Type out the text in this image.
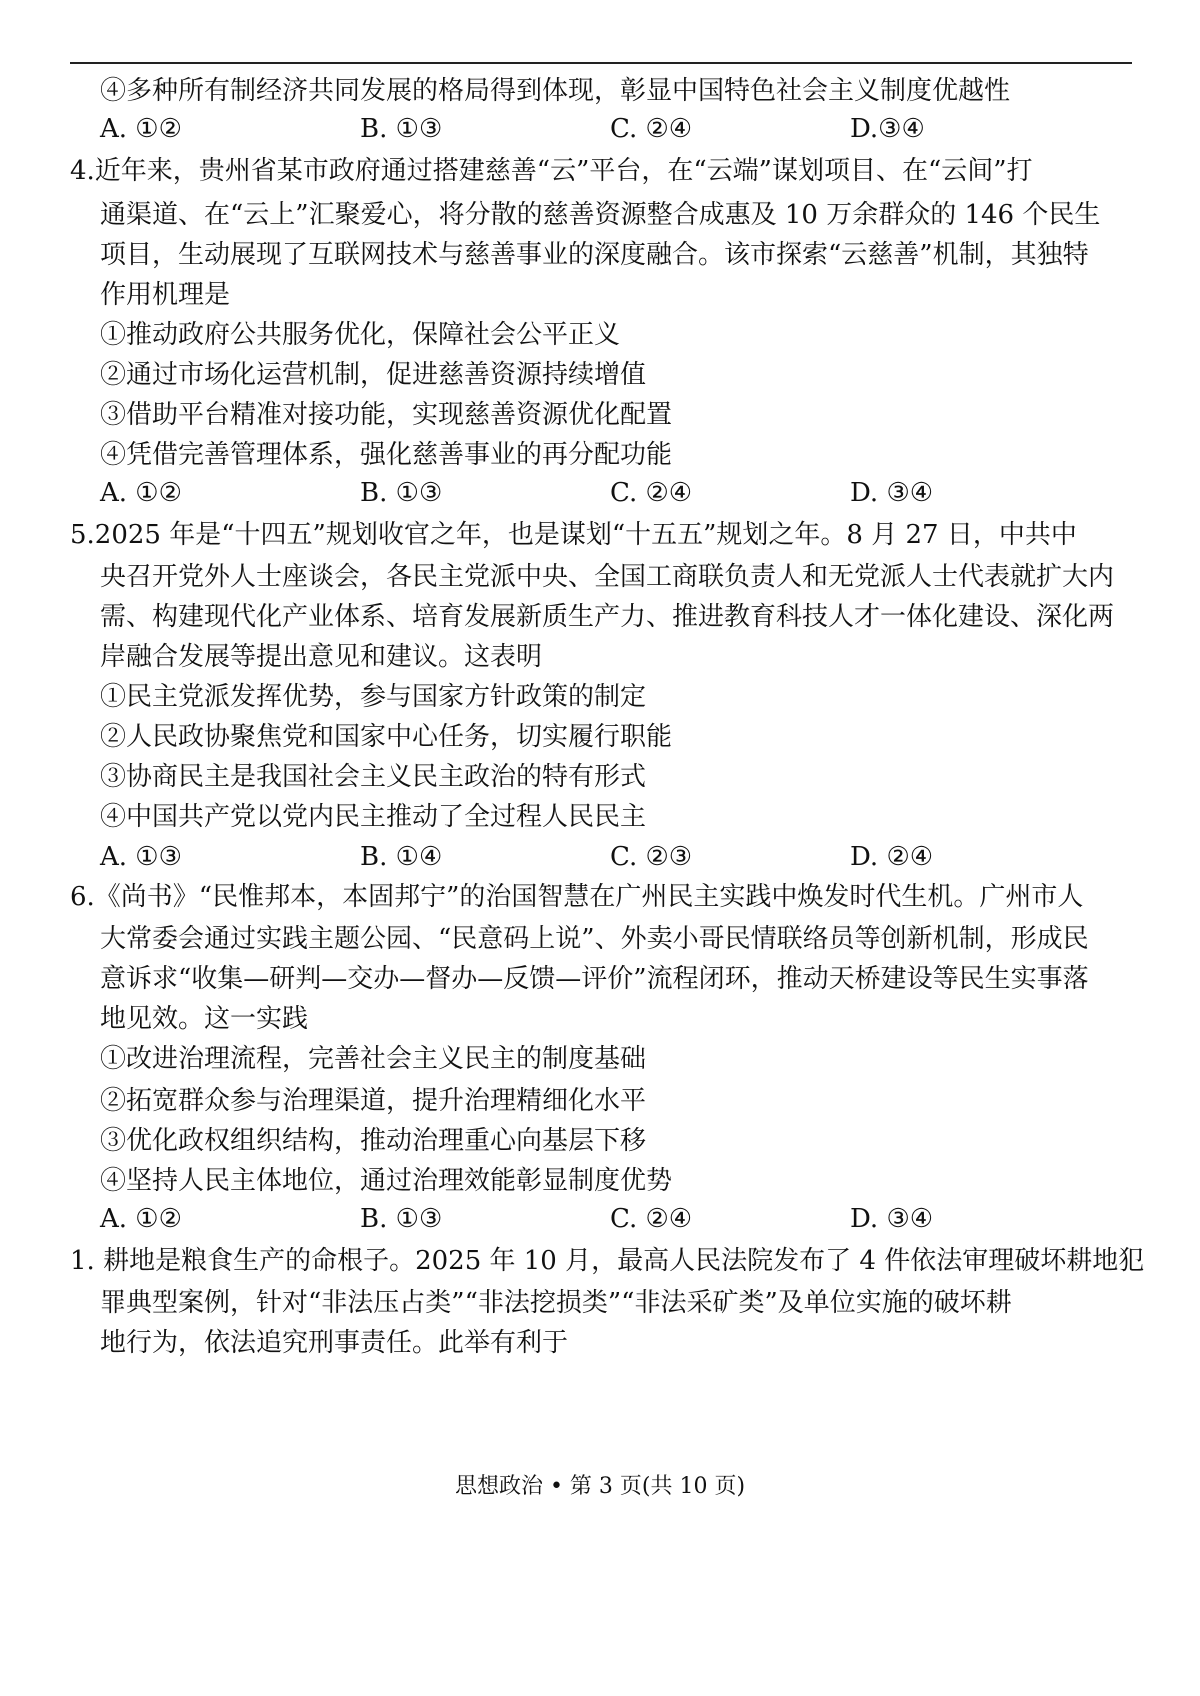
④多种所有制经济共同发展的格局得到体现，彰显中国特色社会主义制度优越性
A. ①②	B. ①③	C. ②④	D.③④
4.近年来，贵州省某市政府通过搭建慈善“云”平台，在“云端”谋划项目、在“云间”打
通渠道、在“云上”汇聚爱心，将分散的慈善资源整合成惠及 10 万余群众的 146 个民生
项目，生动展现了互联网技术与慈善事业的深度融合。该市探索“云慈善”机制，其独特
作用机理是
①推动政府公共服务优化，保障社会公平正义
②通过市场化运营机制，促进慈善资源持续增值
③借助平台精准对接功能，实现慈善资源优化配置
④凭借完善管理体系，强化慈善事业的再分配功能
A. ①②	B. ①③	C. ②④	D. ③④
5.2025 年是“十四五”规划收官之年，也是谋划“十五五”规划之年。8 月 27 日，中共中
央召开党外人士座谈会，各民主党派中央、全国工商联负责人和无党派人士代表就扩大内
需、构建现代化产业体系、培育发展新质生产力、推进教育科技人才一体化建设、深化两
岸融合发展等提出意见和建议。这表明
①民主党派发挥优势，参与国家方针政策的制定
②人民政协聚焦党和国家中心任务，切实履行职能
③协商民主是我国社会主义民主政治的特有形式
④中国共产党以党内民主推动了全过程人民民主
A. ①③	B. ①④	C. ②③	D. ②④
6.《尚书》“民惟邦本，本固邦宁”的治国智慧在广州民主实践中焕发时代生机。广州市人
大常委会通过实践主题公园、“民意码上说”、外卖小哥民情联络员等创新机制，形成民
意诉求“收集—研判—交办—督办—反馈—评价”流程闭环，推动天桥建设等民生实事落
地见效。这一实践
①改进治理流程，完善社会主义民主的制度基础
②拓宽群众参与治理渠道，提升治理精细化水平
③优化政权组织结构，推动治理重心向基层下移
④坚持人民主体地位，通过治理效能彰显制度优势
A. ①②	B. ①③	C. ②④	D. ③④
1. 耕地是粮食生产的命根子。2025 年 10 月，最高人民法院发布了 4 件依法审理破坏耕地犯
罪典型案例，针对“非法压占类”“非法挖损类”“非法采矿类”及单位实施的破坏耕
地行为，依法追究刑事责任。此举有利于
思想政治 • 第 3 页(共 10 页)
